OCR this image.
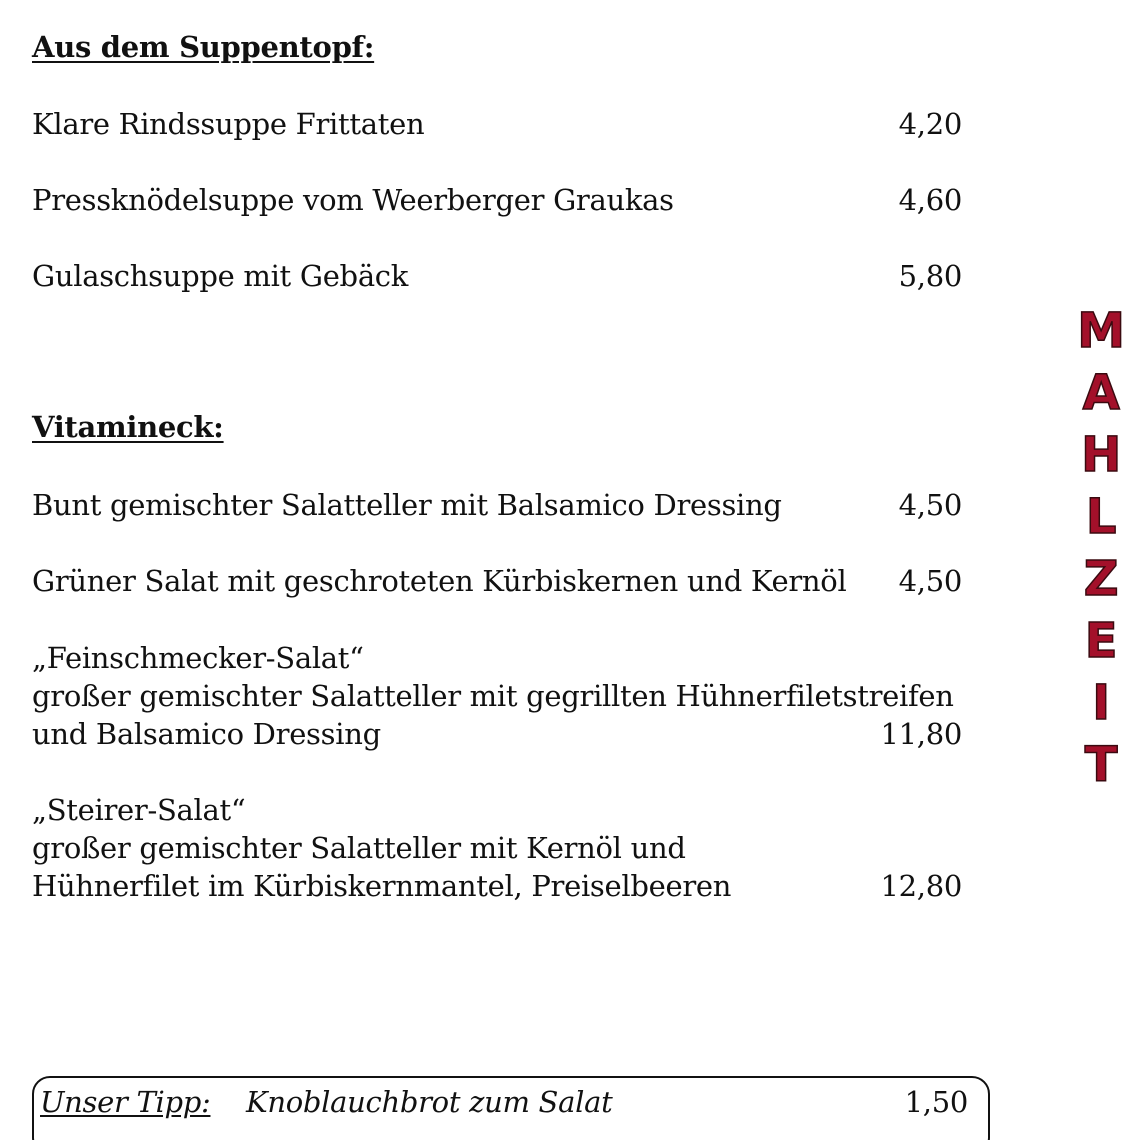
Aus dem Suppentopf:
Klare Rindssuppe Frittaten	4,20
Pressknödelsuppe vom Weerberger Graukas	4,60
Gulaschsuppe mit Gebäck	5,80
Vitamineck:
Bunt gemischter Salatteller mit Balsamico Dressing	4,50
Grüner Salat mit geschroteten Kürbiskernen und Kernöl 4,50
„Feinschmecker-Salat“
großer gemischter Salatteller mit gegrillten Hühnerfiletstreifen
und Balsamico Dressing	11,80
„Steirer-Salat“
großer gemischter Salatteller mit Kernöl und
Hühnerfilet im Kürbiskernmantel, Preiselbeeren	12,80
Unser Tipp: Knoblauchbrot zum Salat	1,50
M
A
H
L
Z
E
I
T
